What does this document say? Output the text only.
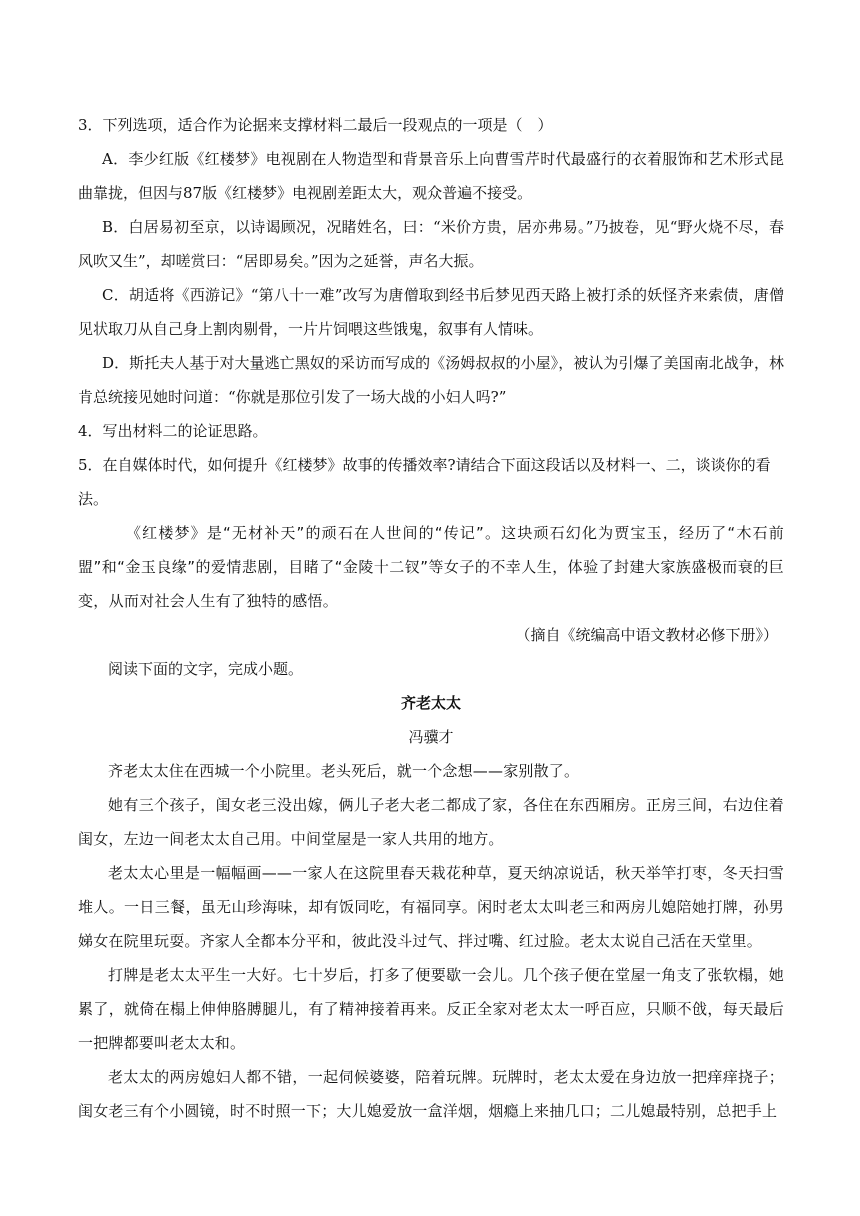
3．下列选项，适合作为论据来支撑材料二最后一段观点的一项是（　）

A．李少红版《红楼梦》电视剧在人物造型和背景音乐上向曹雪芹时代最盛行的衣着服饰和艺术形式昆曲靠拢，但因与87版《红楼梦》电视剧差距太大，观众普遍不接受。

B．白居易初至京，以诗谒顾况，况睹姓名，曰：“米价方贵，居亦弗易。”乃披卷，见“野火烧不尽，春风吹又生”，却嗟赏曰：“居即易矣。”因为之延誉，声名大振。

C．胡适将《西游记》“第八十一难”改写为唐僧取到经书后梦见西天路上被打杀的妖怪齐来索债，唐僧见状取刀从自己身上割肉剔骨，一片片饲喂这些饿鬼，叙事有人情味。

D．斯托夫人基于对大量逃亡黑奴的采访而写成的《汤姆叔叔的小屋》，被认为引爆了美国南北战争，林肯总统接见她时问道：“你就是那位引发了一场大战的小妇人吗?”

4．写出材料二的论证思路。

5．在自媒体时代，如何提升《红楼梦》故事的传播效率?请结合下面这段话以及材料一、二，谈谈你的看法。

《红楼梦》是“无材补天”的顽石在人世间的“传记”。这块顽石幻化为贾宝玉，经历了“木石前盟”和“金玉良缘”的爱情悲剧，目睹了“金陵十二钗”等女子的不幸人生，体验了封建大家族盛极而衰的巨变，从而对社会人生有了独特的感悟。

（摘自《统编高中语文教材必修下册》）

阅读下面的文字，完成小题。

齐老太太

冯骥才

齐老太太住在西城一个小院里。老头死后，就一个念想——家别散了。

她有三个孩子，闺女老三没出嫁，俩儿子老大老二都成了家，各住在东西厢房。正房三间，右边住着闺女，左边一间老太太自己用。中间堂屋是一家人共用的地方。

老太太心里是一幅幅画——一家人在这院里春天栽花种草，夏天纳凉说话，秋天举竿打枣，冬天扫雪堆人。一日三餐，虽无山珍海味，却有饭同吃，有福同享。闲时老太太叫老三和两房儿媳陪她打牌，孙男娣女在院里玩耍。齐家人全都本分平和，彼此没斗过气、拌过嘴、红过脸。老太太说自己活在天堂里。

打牌是老太太平生一大好。七十岁后，打多了便要歇一会儿。几个孩子便在堂屋一角支了张软榻，她累了，就倚在榻上伸伸胳膊腿儿，有了精神接着再来。反正全家对老太太一呼百应，只顺不戗，每天最后一把牌都要叫老太太和。

老太太的两房媳妇人都不错，一起伺候婆婆，陪着玩牌。玩牌时，老太太爱在身边放一把痒痒挠子；闺女老三有个小圆镜，时不时照一下；大儿媳爱放一盒洋烟，烟瘾上来抽几口；二儿媳最特别，总把手上
